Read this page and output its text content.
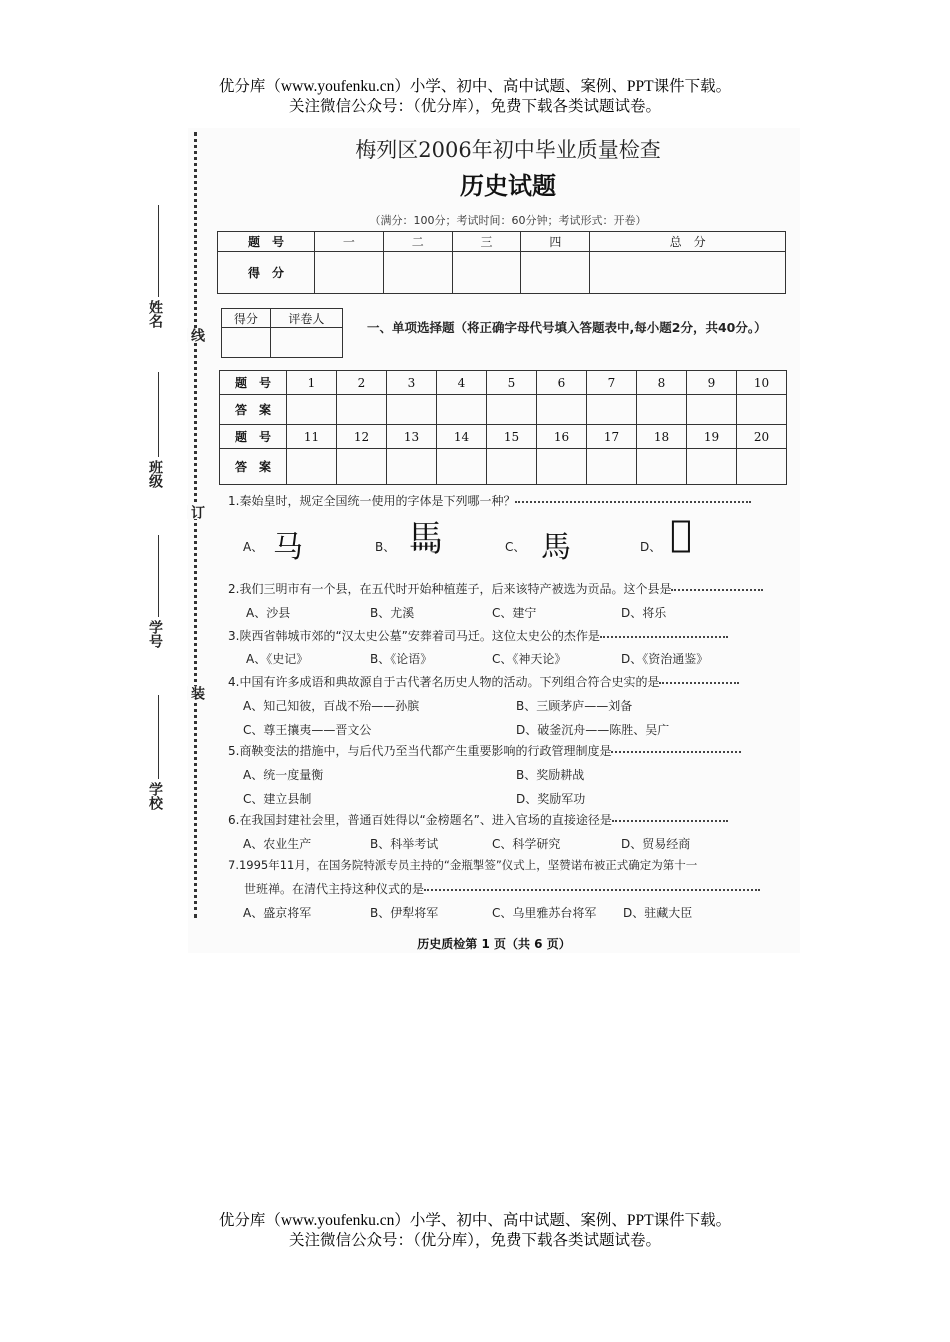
优分库（www.youfenku.cn）小学、初中、高中试题、案例、PPT课件下载。
关注微信公众号：（优分库），免费下载各类试题试卷。
优分库（www.youfenku.cn）小学、初中、高中试题、案例、PPT课件下载。
关注微信公众号：（优分库），免费下载各类试题试卷。
姓名
班级
学号
学校
线
订
装
梅列区2006年初中毕业质量检查
历史试题
（满分：100分；考试时间：60分钟；考试形式：开卷）
题　号	一	二	三	四	总　分
得　分					
得分	评卷人

一、单项选择题（将正确字母代号填入答题表中,每小题2分，共40分。）
题　号	1	2	3	4	5	6	7	8	9	10
答　案										
题　号	11	12	13	14	15	16	17	18	19	20
答　案										
1.秦始皇时，规定全国统一使用的字体是下列哪一种？
A、 马	B、 𩡧	C、 馬	D、 𩧦
2.我们三明市有一个县，在五代时开始种植莲子，后来该特产被选为贡品。这个县是
A、沙县	B、尤溪	C、建宁	D、将乐
3.陕西省韩城市郊的“汉太史公墓”安葬着司马迁。这位太史公的杰作是
A、《史记》	B、《论语》	C、《神天论》	D、《资治通鉴》
4.中国有许多成语和典故源自于古代著名历史人物的活动。下列组合符合史实的是
A、知己知彼，百战不殆——孙膑	B、三顾茅庐——刘备
C、尊王攘夷——晋文公	D、破釜沉舟——陈胜、吴广
5.商鞅变法的措施中，与后代乃至当代都产生重要影响的行政管理制度是
A、统一度量衡	B、奖励耕战
C、建立县制	D、奖励军功
6.在我国封建社会里，普通百姓得以“金榜题名”、进入官场的直接途径是
A、农业生产	B、科举考试	C、科学研究	D、贸易经商
7.1995年11月，在国务院特派专员主持的“金瓶掣签”仪式上，坚赞诺布被正式确定为第十一
世班禅。在清代主持这种仪式的是
A、盛京将军	B、伊犁将军	C、乌里雅苏台将军 D、驻藏大臣
历史质检第 1 页（共 6 页）
